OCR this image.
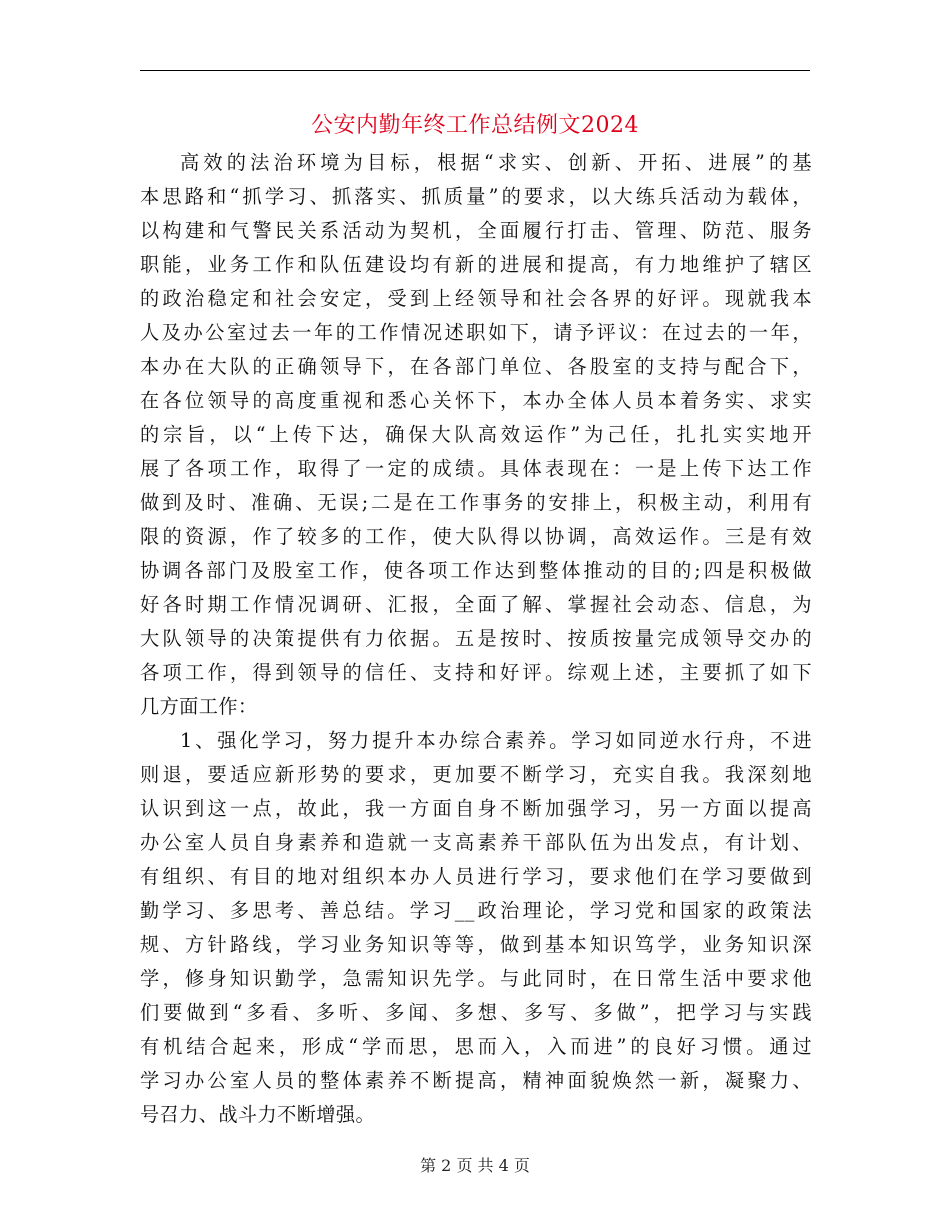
公安内勤年终工作总结例文2024
高效的法治环境为目标，根据“求实、创新、开拓、进展”的基
本思路和“抓学习、抓落实、抓质量”的要求，以大练兵活动为载体，
以构建和气警民关系活动为契机，全面履行打击、管理、防范、服务
职能，业务工作和队伍建设均有新的进展和提高，有力地维护了辖区
的政治稳定和社会安定，受到上经领导和社会各界的好评。现就我本
人及办公室过去一年的工作情况述职如下，请予评议：在过去的一年，
本办在大队的正确领导下，在各部门单位、各股室的支持与配合下，
在各位领导的高度重视和悉心关怀下，本办全体人员本着务实、求实
的宗旨，以“上传下达，确保大队高效运作”为己任，扎扎实实地开
展了各项工作，取得了一定的成绩。具体表现在：一是上传下达工作
做到及时、准确、无误;二是在工作事务的安排上，积极主动，利用有
限的资源，作了较多的工作，使大队得以协调，高效运作。三是有效
协调各部门及股室工作，使各项工作达到整体推动的目的;四是积极做
好各时期工作情况调研、汇报，全面了解、掌握社会动态、信息，为
大队领导的决策提供有力依据。五是按时、按质按量完成领导交办的
各项工作，得到领导的信任、支持和好评。综观上述，主要抓了如下
几方面工作：
1、强化学习，努力提升本办综合素养。学习如同逆水行舟，不进
则退，要适应新形势的要求，更加要不断学习，充实自我。我深刻地
认识到这一点，故此，我一方面自身不断加强学习，另一方面以提高
办公室人员自身素养和造就一支高素养干部队伍为出发点，有计划、
有组织、有目的地对组织本办人员进行学习，要求他们在学习要做到
勤学习、多思考、善总结。学习__政治理论，学习党和国家的政策法
规、方针路线，学习业务知识等等，做到基本知识笃学，业务知识深
学，修身知识勤学，急需知识先学。与此同时，在日常生活中要求他
们要做到“多看、多听、多闻、多想、多写、多做”，把学习与实践
有机结合起来，形成“学而思，思而入，入而进”的良好习惯。通过
学习办公室人员的整体素养不断提高，精神面貌焕然一新，凝聚力、
号召力、战斗力不断增强。
第 2 页 共 4 页
